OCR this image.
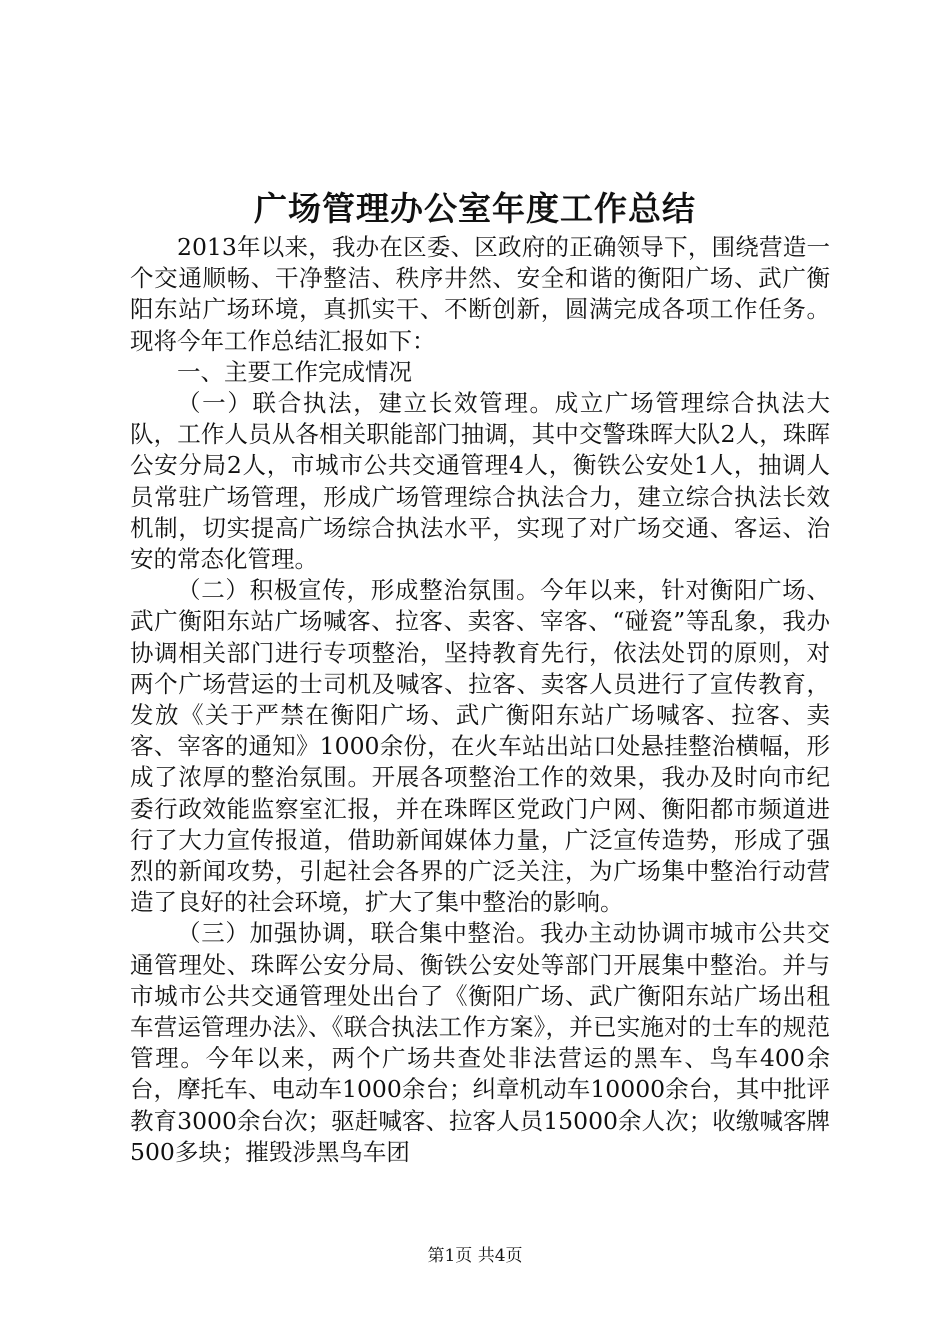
广场管理办公室年度工作总结

2013年以来，我办在区委、区政府的正确领导下，围绕营造一个交通顺畅、干净整洁、秩序井然、安全和谐的衡阳广场、武广衡阳东站广场环境，真抓实干、不断创新，圆满完成各项工作任务。现将今年工作总结汇报如下：

一、主要工作完成情况

（一）联合执法，建立长效管理。成立广场管理综合执法大队，工作人员从各相关职能部门抽调，其中交警珠晖大队2人，珠晖公安分局2人，市城市公共交通管理4人，衡铁公安处1人，抽调人员常驻广场管理，形成广场管理综合执法合力，建立综合执法长效机制，切实提高广场综合执法水平，实现了对广场交通、客运、治安的常态化管理。

（二）积极宣传，形成整治氛围。今年以来，针对衡阳广场、武广衡阳东站广场喊客、拉客、卖客、宰客、“碰瓷”等乱象，我办协调相关部门进行专项整治，坚持教育先行，依法处罚的原则，对两个广场营运的士司机及喊客、拉客、卖客人员进行了宣传教育，发放《关于严禁在衡阳广场、武广衡阳东站广场喊客、拉客、卖客、宰客的通知》1000余份，在火车站出站口处悬挂整治横幅，形成了浓厚的整治氛围。开展各项整治工作的效果，我办及时向市纪委行政效能监察室汇报，并在珠晖区党政门户网、衡阳都市频道进行了大力宣传报道，借助新闻媒体力量，广泛宣传造势，形成了强烈的新闻攻势，引起社会各界的广泛关注，为广场集中整治行动营造了良好的社会环境，扩大了集中整治的影响。

（三）加强协调，联合集中整治。我办主动协调市城市公共交通管理处、珠晖公安分局、衡铁公安处等部门开展集中整治。并与市城市公共交通管理处出台了《衡阳广场、武广衡阳东站广场出租车营运管理办法》、《联合执法工作方案》，并已实施对的士车的规范管理。今年以来，两个广场共查处非法营运的黑车、鸟车400余台，摩托车、电动车1000余台；纠章机动车10000余台，其中批评教育3000余台次；驱赶喊客、拉客人员15000余人次；收缴喊客牌500多块；摧毁涉黑鸟车团

第1页 共4页
